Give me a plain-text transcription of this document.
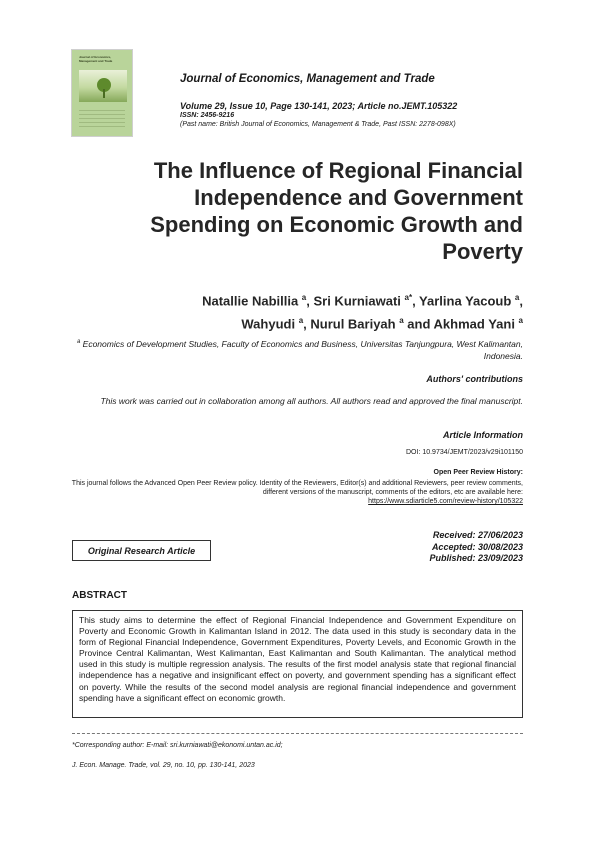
Journal of Economics, Management and Trade
Journal of Economics, Management and Trade
Volume 29, Issue 10, Page 130-141, 2023; Article no.JEMT.105322
ISSN: 2456-9216
(Past name: British Journal of Economics, Management & Trade, Past ISSN: 2278-098X)
The Influence of Regional Financial Independence and Government Spending on Economic Growth and Poverty
Natallie Nabillia $^a$, Sri Kurniawati $^{a*}$, Yarlina Yacoub $^a$,
Wahyudi $^a$, Nurul Bariyah $^a$ and Akhmad Yani $^a$
$^a$ Economics of Development Studies, Faculty of Economics and Business, Universitas Tanjungpura, West Kalimantan, Indonesia.
Authors' contributions
This work was carried out in collaboration among all authors. All authors read and approved the final manuscript.
Article Information
DOI: 10.9734/JEMT/2023/v29i101150
Open Peer Review History:
This journal follows the Advanced Open Peer Review policy. Identity of the Reviewers, Editor(s) and additional Reviewers, peer review comments, different versions of the manuscript, comments of the editors, etc are available here:
https://www.sdiarticle5.com/review-history/105322
Received: 27/06/2023
Accepted: 30/08/2023
Published: 23/09/2023
Original Research Article
ABSTRACT
This study aims to determine the effect of Regional Financial Independence and Government Expenditure on Poverty and Economic Growth in Kalimantan Island in 2012. The data used in this study is secondary data in the form of Regional Financial Independence, Government Expenditures, Poverty Levels, and Economic Growth in the Province Central Kalimantan, West Kalimantan, East Kalimantan and South Kalimantan. The analytical method used in this study is multiple regression analysis. The results of the first model analysis state that regional financial independence has a negative and insignificant effect on poverty, and government spending has a significant effect on poverty. While the results of the second model analysis are regional financial independence and government spending have a significant effect on economic growth.
*Corresponding author: E-mail: sri.kurniawati@ekonomi.untan.ac.id;
J. Econ. Manage. Trade, vol. 29, no. 10, pp. 130-141, 2023
